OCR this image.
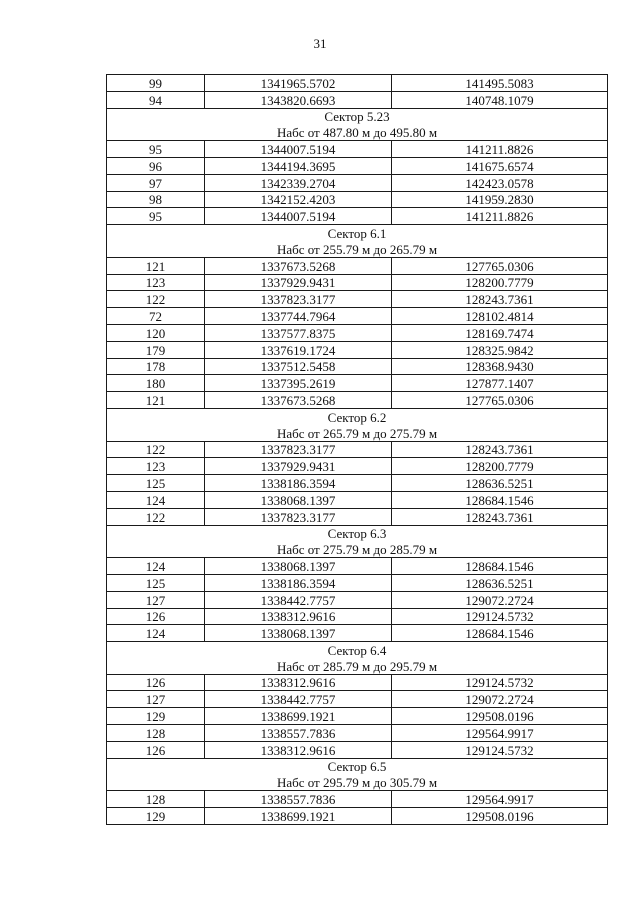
31
99	1341965.5702	141495.5083
94	1343820.6693	140748.1079
Сектор 5.23		
Набс от 487.80 м до 495.80 м		
95	1344007.5194	141211.8826
96	1344194.3695	141675.6574
97	1342339.2704	142423.0578
98	1342152.4203	141959.2830
95	1344007.5194	141211.8826
Сектор 6.1		
Набс от 255.79 м до 265.79 м		
121	1337673.5268	127765.0306
123	1337929.9431	128200.7779
122	1337823.3177	128243.7361
72	1337744.7964	128102.4814
120	1337577.8375	128169.7474
179	1337619.1724	128325.9842
178	1337512.5458	128368.9430
180	1337395.2619	127877.1407
121	1337673.5268	127765.0306
Сектор 6.2		
Набс от 265.79 м до 275.79 м		
122	1337823.3177	128243.7361
123	1337929.9431	128200.7779
125	1338186.3594	128636.5251
124	1338068.1397	128684.1546
122	1337823.3177	128243.7361
Сектор 6.3		
Набс от 275.79 м до 285.79 м		
124	1338068.1397	128684.1546
125	1338186.3594	128636.5251
127	1338442.7757	129072.2724
126	1338312.9616	129124.5732
124	1338068.1397	128684.1546
Сектор 6.4		
Набс от 285.79 м до 295.79 м		
126	1338312.9616	129124.5732
127	1338442.7757	129072.2724
129	1338699.1921	129508.0196
128	1338557.7836	129564.9917
126	1338312.9616	129124.5732
Сектор 6.5		
Набс от 295.79 м до 305.79 м		
128	1338557.7836	129564.9917
129	1338699.1921	129508.0196
